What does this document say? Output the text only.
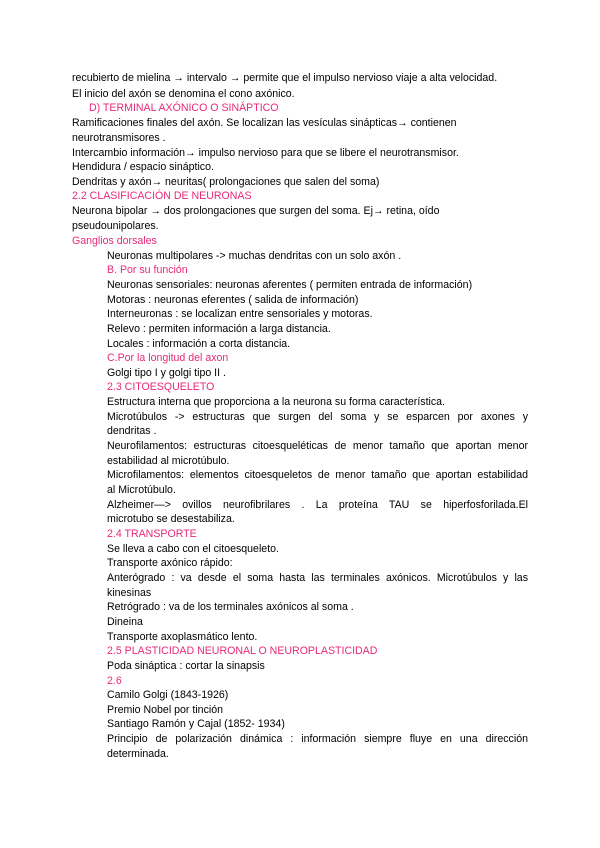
recubierto de mielina → intervalo → permite que el impulso nervioso viaje a alta velocidad.
El inicio del axón se denomina el cono axónico.
D) TERMINAL AXÓNICO O SINÁPTICO
Ramificaciones finales del axón. Se localizan las vesículas sinápticas→ contienen
neurotransmisores .
Intercambio información→ impulso nervioso para que se libere el neurotransmisor.
Hendidura / espacio sináptico.
Dendritas y axón→ neuritas( prolongaciones que salen del soma)
2.2 CLASIFICACIÓN DE NEURONAS
Neurona bipolar → dos prolongaciones que surgen del soma. Ej→ retina, oído
pseudounipolares.
Ganglios dorsales
Neuronas multipolares -> muchas dendritas con un solo axón .
B. Por su función
Neuronas sensoriales: neuronas aferentes ( permiten entrada de información)
Motoras : neuronas eferentes ( salida de información)
Interneuronas : se localizan entre sensoriales y motoras.
Relevo : permiten información a larga distancia.
Locales : información a corta distancia.
C.Por la longitud del axon
Golgi tipo I y golgi tipo II .
2.3 CITOESQUELETO
Estructura interna que proporciona a la neurona su forma característica.
Microtúbulos -> estructuras que surgen del soma y se esparcen por axones y
dendritas .
Neurofilamentos: estructuras citoesqueléticas de menor tamaño que aportan menor
estabilidad al microtúbulo.
Microfilamentos: elementos citoesqueletos de menor tamaño que aportan estabilidad
al Microtúbulo.
Alzheimer—> ovillos neurofibrilares . La proteína TAU se hiperfosforilada.El
microtubo se desestabiliza.
2.4 TRANSPORTE
Se lleva a cabo con el citoesqueleto.
Transporte axónico rápido:
Anterógrado : va desde el soma hasta las terminales axónicos. Microtúbulos y las
kinesinas
Retrógrado : va de los terminales axónicos al soma .
Dineina
Transporte axoplasmático lento.
2.5 PLASTICIDAD NEURONAL O NEUROPLASTICIDAD
Poda sináptica : cortar la sinapsis
2.6
Camilo Golgi (1843-1926)
Premio Nobel por tinción
Santiago Ramón y Cajal (1852- 1934)
Principio de polarización dinámica : información siempre fluye en una dirección
determinada.
